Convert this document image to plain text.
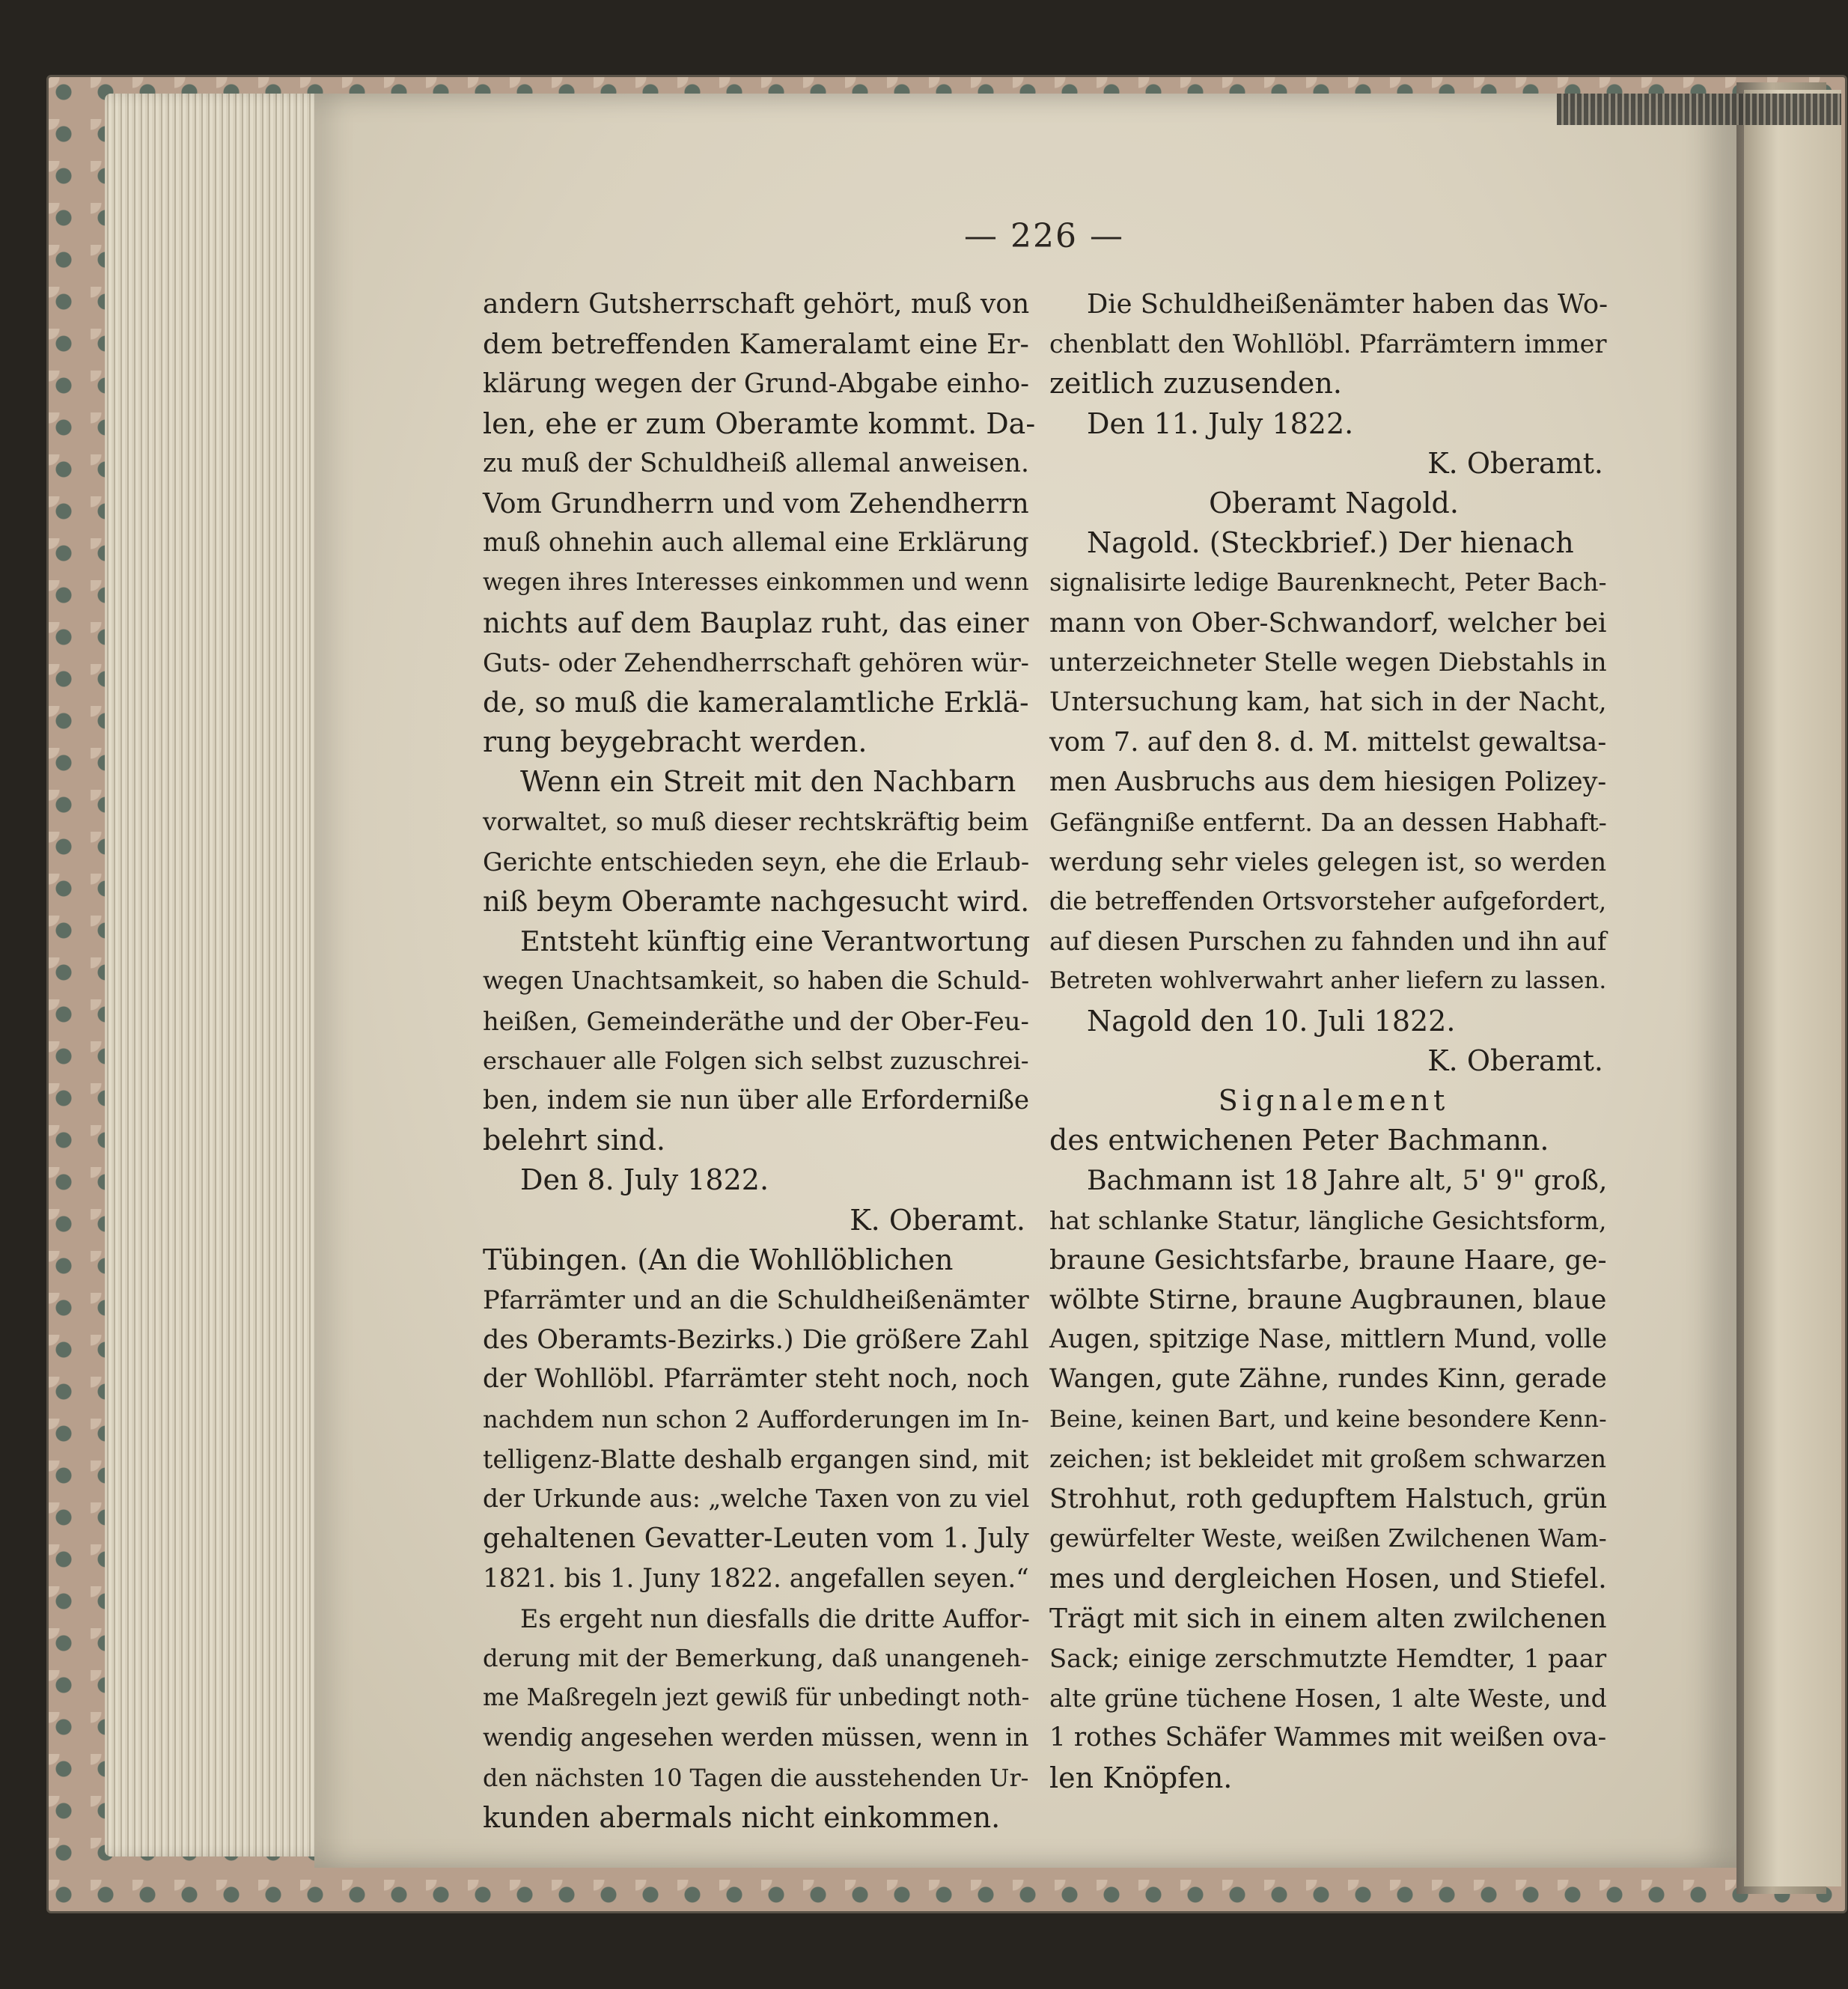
— 226 —

andern Gutsherrschaft gehört, muß von

dem betreffenden Kameralamt eine Er-

klärung wegen der Grund-Abgabe einho-

len, ehe er zum Oberamte kommt. Da-

zu muß der Schuldheiß allemal anweisen.

Vom Grundherrn und vom Zehendherrn

muß ohnehin auch allemal eine Erklärung

wegen ihres Interesses einkommen und wenn

nichts auf dem Bauplaz ruht, das einer

Guts- oder Zehendherrschaft gehören wür-

de, so muß die kameralamtliche Erklä-

rung beygebracht werden.

Wenn ein Streit mit den Nachbarn

vorwaltet, so muß dieser rechtskräftig beim

Gerichte entschieden seyn, ehe die Erlaub-

niß beym Oberamte nachgesucht wird.

Entsteht künftig eine Verantwortung

wegen Unachtsamkeit, so haben die Schuld-

heißen, Gemeinderäthe und der Ober-Feu-

erschauer alle Folgen sich selbst zuzuschrei-

ben, indem sie nun über alle Erforderniße

belehrt sind.

Den 8. July 1822.

K. Oberamt.

Tübingen. (An die Wohllöblichen

Pfarrämter und an die Schuldheißenämter

des Oberamts-Bezirks.) Die größere Zahl

der Wohllöbl. Pfarrämter steht noch, noch

nachdem nun schon 2 Aufforderungen im In-

telligenz-Blatte deshalb ergangen sind, mit

der Urkunde aus: „welche Taxen von zu viel

gehaltenen Gevatter-Leuten vom 1. July

1821. bis 1. Juny 1822. angefallen seyen.“

Es ergeht nun diesfalls die dritte Auffor-

derung mit der Bemerkung, daß unangeneh-

me Maßregeln jezt gewiß für unbedingt noth-

wendig angesehen werden müssen, wenn in

den nächsten 10 Tagen die ausstehenden Ur-

kunden abermals nicht einkommen.

Die Schuldheißenämter haben das Wo-

chenblatt den Wohllöbl. Pfarrämtern immer

zeitlich zuzusenden.

Den 11. July 1822.

K. Oberamt.

Oberamt Nagold.

Nagold. (Steckbrief.) Der hienach

signalisirte ledige Baurenknecht, Peter Bach-

mann von Ober-Schwandorf, welcher bei

unterzeichneter Stelle wegen Diebstahls in

Untersuchung kam, hat sich in der Nacht,

vom 7. auf den 8. d. M. mittelst gewaltsa-

men Ausbruchs aus dem hiesigen Polizey-

Gefängniße entfernt. Da an dessen Habhaft-

werdung sehr vieles gelegen ist, so werden

die betreffenden Ortsvorsteher aufgefordert,

auf diesen Purschen zu fahnden und ihn auf

Betreten wohlverwahrt anher liefern zu lassen.

Nagold den 10. Juli 1822.

K. Oberamt.

Signalement

des entwichenen Peter Bachmann.

Bachmann ist 18 Jahre alt, 5' 9" groß,

hat schlanke Statur, längliche Gesichtsform,

braune Gesichtsfarbe, braune Haare, ge-

wölbte Stirne, braune Augbraunen, blaue

Augen, spitzige Nase, mittlern Mund, volle

Wangen, gute Zähne, rundes Kinn, gerade

Beine, keinen Bart, und keine besondere Kenn-

zeichen; ist bekleidet mit großem schwarzen

Strohhut, roth gedupftem Halstuch, grün

gewürfelter Weste, weißen Zwilchenen Wam-

mes und dergleichen Hosen, und Stiefel.

Trägt mit sich in einem alten zwilchenen

Sack; einige zerschmutzte Hemdter, 1 paar

alte grüne tüchene Hosen, 1 alte Weste, und

1 rothes Schäfer Wammes mit weißen ova-

len Knöpfen.
